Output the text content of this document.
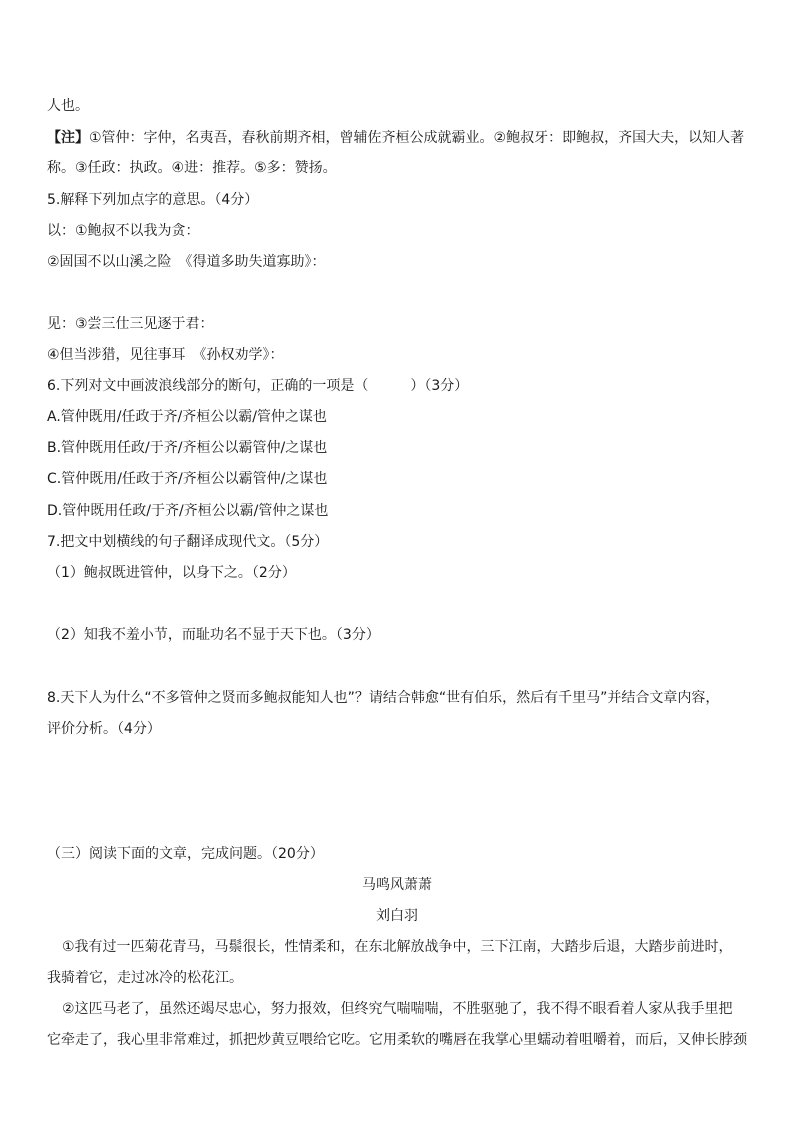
人也。
【注】①管仲：字仲，名夷吾，春秋前期齐相，曾辅佐齐桓公成就霸业。②鲍叔牙：即鲍叔，齐国大夫，以知人著
称。③任政：执政。④进：推荐。⑤多：赞扬。
5.解释下列加点字的意思。（4分）
以：①鲍叔不以我为贪：
②固国不以山溪之险　《得道多助失道寡助》：
见：③尝三仕三见逐于君：
④但当涉猎，见往事耳　《孙权劝学》：
6.下列对文中画波浪线部分的断句，正确的一项是（　　　）（3分）
A.管仲既用/任政于齐/齐桓公以霸/管仲之谋也
B.管仲既用任政/于齐/齐桓公以霸管仲/之谋也
C.管仲既用/任政于齐/齐桓公以霸管仲/之谋也
D.管仲既用任政/于齐/齐桓公以霸/管仲之谋也
7.把文中划横线的句子翻译成现代文。（5分）
（1）鲍叔既进管仲，以身下之。（2分）
（2）知我不羞小节，而耻功名不显于天下也。（3分）
8.天下人为什么“不多管仲之贤而多鲍叔能知人也”？请结合韩愈“世有伯乐，然后有千里马”并结合文章内容，
评价分析。（4分）
（三）阅读下面的文章，完成问题。（20分）
马鸣风萧萧
刘白羽
①我有过一匹菊花青马，马鬃很长，性情柔和，在东北解放战争中，三下江南，大踏步后退，大踏步前进时，
我骑着它，走过冰冷的松花江。
②这匹马老了，虽然还竭尽忠心，努力报效，但终究气喘喘喘，不胜驱驰了，我不得不眼看着人家从我手里把
它牵走了，我心里非常难过，抓把炒黄豆喂给它吃。它用柔软的嘴唇在我掌心里蠕动着咀嚼着，而后，又伸长脖颈
